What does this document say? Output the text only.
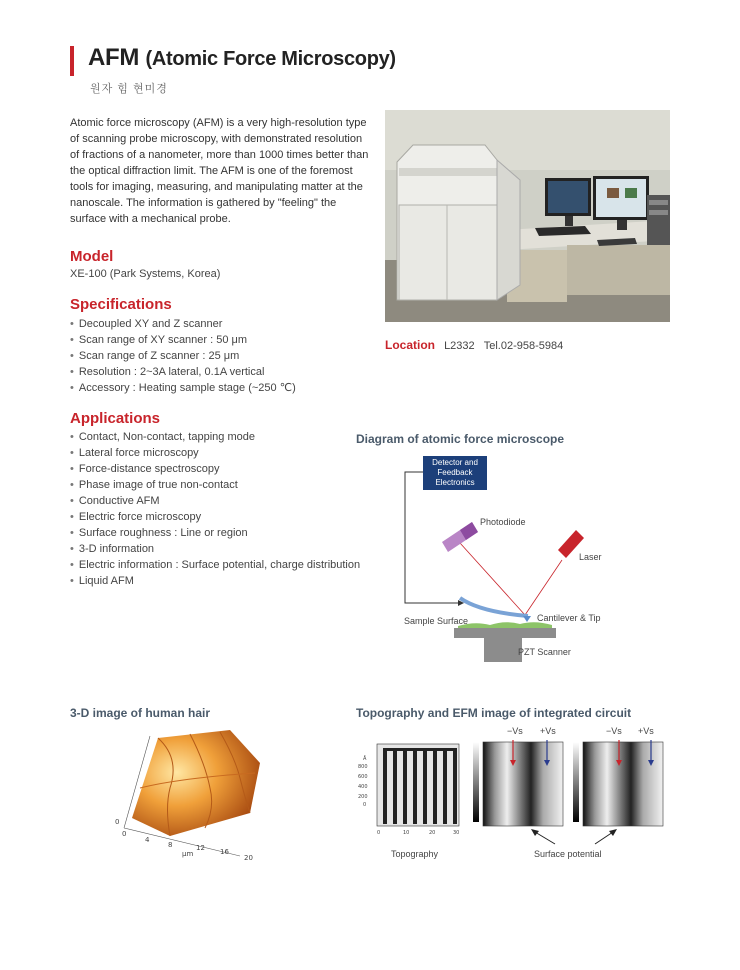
AFM (Atomic Force Microscopy)
원자 힘 현미경
Atomic force microscopy (AFM) is a very high-resolution type of scanning probe microscopy, with demonstrated resolution of fractions of a nanometer, more than 1000 times better than the optical diffraction limit. The AFM is one of the foremost tools for imaging, measuring, and manipulating matter at the nanoscale. The information is gathered by "feeling" the surface with a mechanical probe.
Location L2332 Tel.02-958-5984
Model
XE-100 (Park Systems, Korea)
Specifications
• Decoupled XY and Z scanner
• Scan range of XY scanner : 50 μm
• Scan range of Z scanner : 25 μm
• Resolution : 2~3A lateral, 0.1A vertical
• Accessory : Heating sample stage (~250 ℃)
Applications
• Contact, Non-contact, tapping mode
• Lateral force microscopy
• Force-distance spectroscopy
• Phase image of true non-contact
• Conductive AFM
• Electric force microscopy
• Surface roughness : Line or region
• 3-D information
• Electric information : Surface potential, charge distribution
• Liquid AFM
Diagram of atomic force microscope
Detector and Feedback Electronics
Photodiode
Laser
Sample Surface	Cantilever & Tip
PZT Scanner
3-D image of human hair
0
4
8	12 16
20
μm
0
Topography and EFM image of integrated circuit
−Vs +Vs	−Vs +Vs
Å
800
600
400
200
0
0	10	20	30
Topography	Surface potential
